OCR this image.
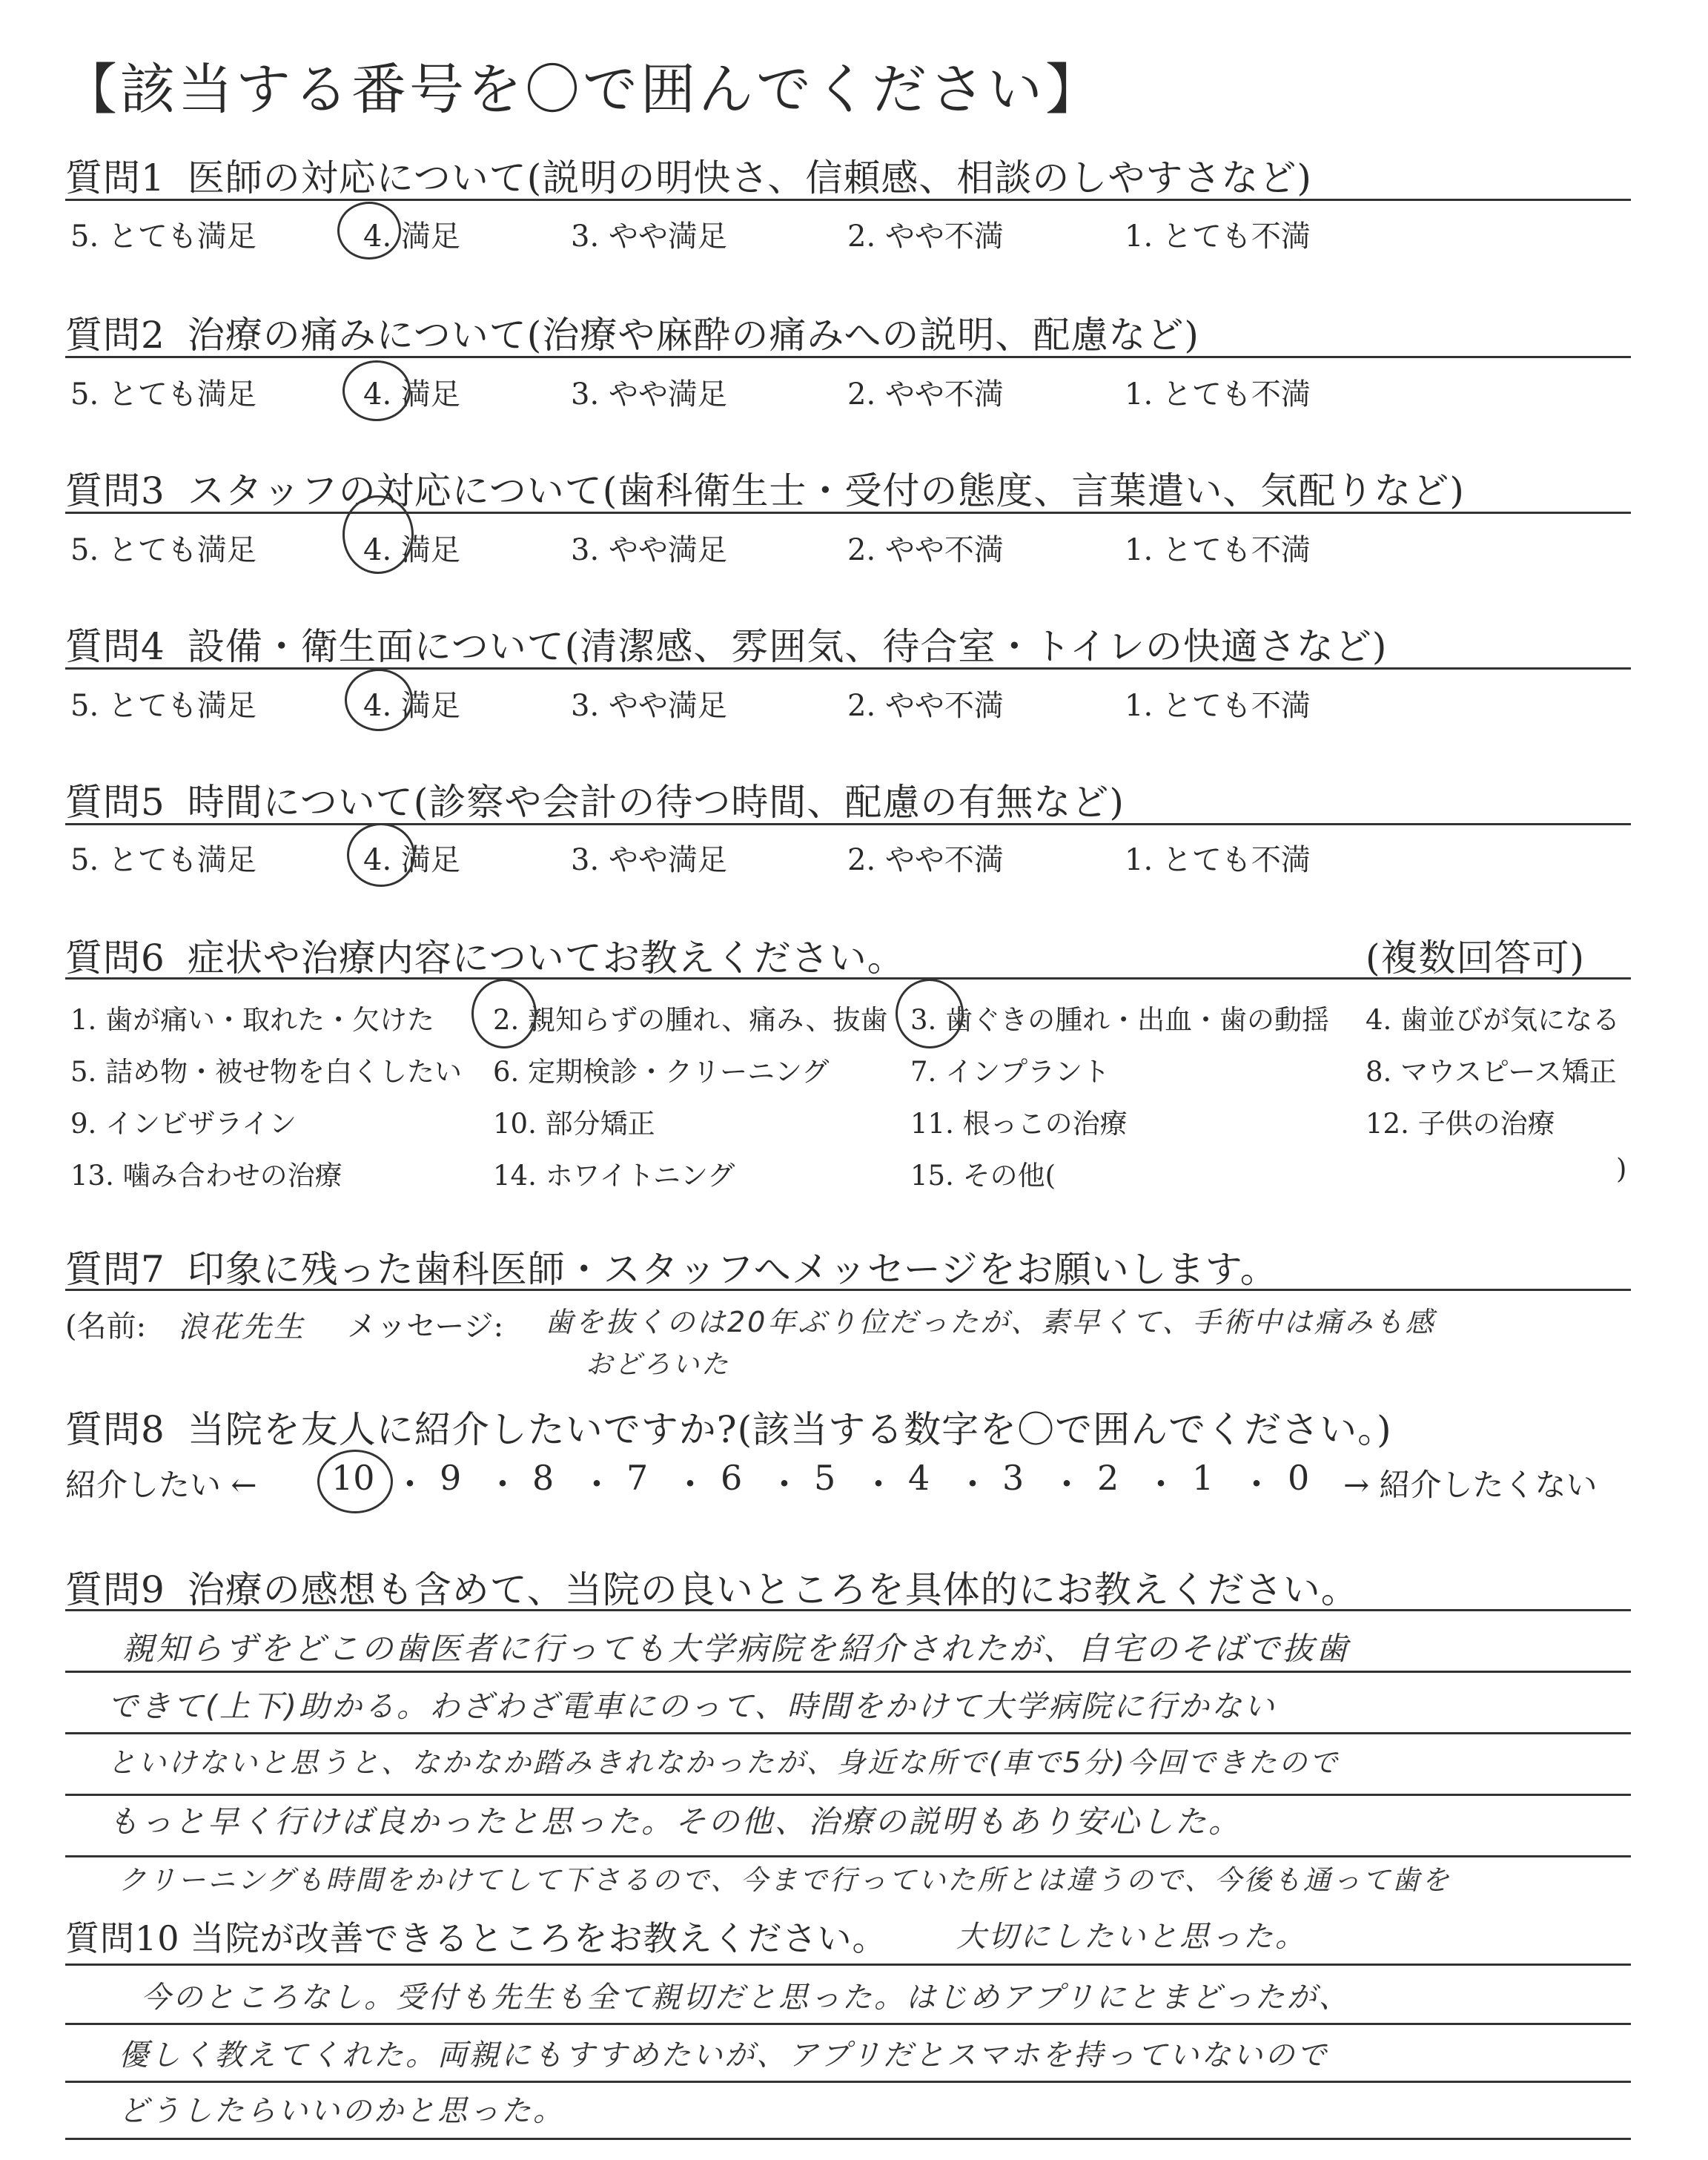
【該当する番号を〇で囲んでください】
質問1 医師の対応について(説明の明快さ、信頼感、相談のしやすさなど)
5. とても満足	4. 満足	3. やや満足	2. やや不満	1. とても不満
質問2 治療の痛みについて(治療や麻酔の痛みへの説明、配慮など)
5. とても満足	4. 満足	3. やや満足	2. やや不満	1. とても不満
質問3 スタッフの対応について(歯科衛生士・受付の態度、言葉遣い、気配りなど)
5. とても満足	4. 満足	3. やや満足	2. やや不満	1. とても不満
質問4 設備・衛生面について(清潔感、雰囲気、待合室・トイレの快適さなど)
5. とても満足	4. 満足	3. やや満足	2. やや不満	1. とても不満
質問5 時間について(診察や会計の待つ時間、配慮の有無など)
5. とても満足	4. 満足	3. やや満足	2. やや不満	1. とても不満
質問6 症状や治療内容についてお教えください。	(複数回答可)
1. 歯が痛い・取れた・欠けた 2. 親知らずの腫れ、痛み、抜歯 3. 歯ぐきの腫れ・出血・歯の動揺 4. 歯並びが気になる
5. 詰め物・被せ物を白くしたい 6. 定期検診・クリーニング	7. インプラント	8. マウスピース矯正
9. インビザライン	10. 部分矯正	11. 根っこの治療	12. 子供の治療
13. 噛み合わせの治療	14. ホワイトニング	15. その他(	)
質問7 印象に残った歯科医師・スタッフへメッセージをお願いします。
(名前: 浪花先生 メッセージ: 歯を抜くのは20年ぶり位だったが、素早くて、手術中は痛みも感
おどろいた
質問8 当院を友人に紹介したいですか?(該当する数字を〇で囲んでください。)
紹介したい ← 10 ・ 9 ・ 8 ・ 7 ・ 6 ・ 5 ・ 4 ・ 3 ・ 2 ・ 1 ・ 0 → 紹介したくない
質問9 治療の感想も含めて、当院の良いところを具体的にお教えください。
親知らずをどこの歯医者に行っても大学病院を紹介されたが、自宅のそばで抜歯
できて(上下)助かる。わざわざ電車にのって、時間をかけて大学病院に行かない
といけないと思うと、なかなか踏みきれなかったが、身近な所で(車で5分)今回できたので
もっと早く行けば良かったと思った。その他、治療の説明もあり安心した。
クリーニングも時間をかけてして下さるので、今まで行っていた所とは違うので、今後も通って歯を
質問10 当院が改善できるところをお教えください。 大切にしたいと思った。
今のところなし。受付も先生も全て親切だと思った。はじめアプリにとまどったが、
優しく教えてくれた。両親にもすすめたいが、アプリだとスマホを持っていないので
どうしたらいいのかと思った。
